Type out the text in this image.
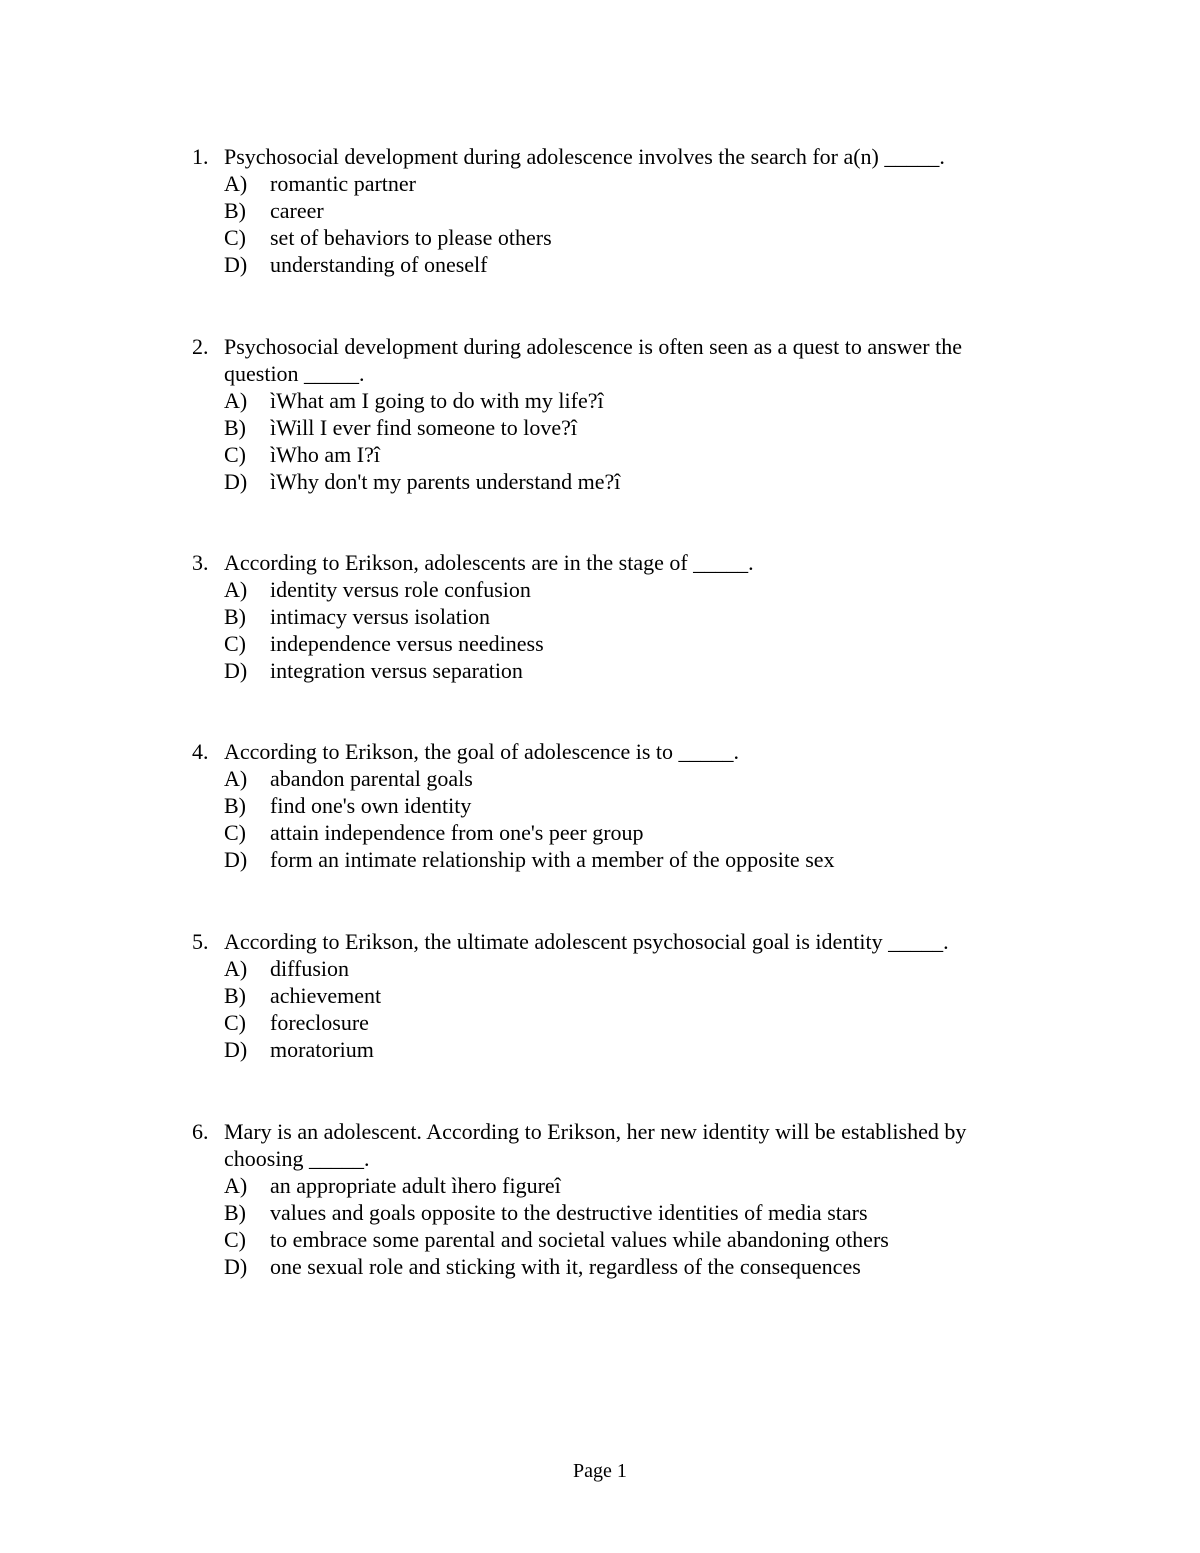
1. Psychosocial development during adolescence involves the search for a(n) _____.
A)	romantic partner
B)	career
C)	set of behaviors to please others
D)	understanding of oneself
2. Psychosocial development during adolescence is often seen as a quest to answer the question _____.
A)	ìWhat am I going to do with my life?î
B)	ìWill I ever find someone to love?î
C)	ìWho am I?î
D)	ìWhy don't my parents understand me?î
3. According to Erikson, adolescents are in the stage of _____.
A)	identity versus role confusion
B)	intimacy versus isolation
C)	independence versus neediness
D)	integration versus separation
4. According to Erikson, the goal of adolescence is to _____.
A)	abandon parental goals
B)	find one's own identity
C)	attain independence from one's peer group
D)	form an intimate relationship with a member of the opposite sex
5. According to Erikson, the ultimate adolescent psychosocial goal is identity _____.
A)	diffusion
B)	achievement
C)	foreclosure
D)	moratorium
6. Mary is an adolescent. According to Erikson, her new identity will be established by choosing _____.
A)	an appropriate adult ìhero figureî
B)	values and goals opposite to the destructive identities of media stars
C)	to embrace some parental and societal values while abandoning others
D)	one sexual role and sticking with it, regardless of the consequences
Page 1
